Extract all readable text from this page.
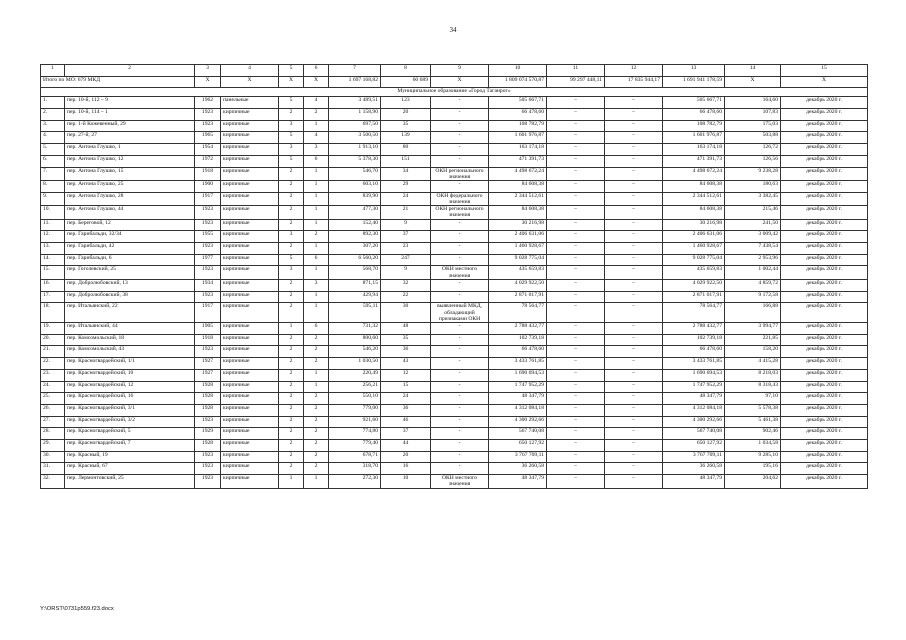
34
1	2	3	4	5	6	7	8	9	10	11	12	13	14	15
Итого по МО: 679 МКД		X	X	X	X	1 697 168,82	60 689	X	1 809 074 570,87	99 297 448,11	17 835 944,17	1 691 941 178,59	X	X
Муниципальное образование «Город Таганрог»														
1.	пер. 10-й, 112 – 9	1962	панельные	5	4	3 489,51	123	-	505 667,71	–	–	505 667,71	164,60	декабрь 2020 г.
2.	пер. 10-й, 114 – 1	1923	кирпичные	2	2	1 158,90	20	-	66 478,60	–	–	66 478,60	107,83	декабрь 2020 г.
3.	пер. 1-й Кожевенный, 29	1923	кирпичные	3	1	697,50	35	-	108 782,79	–	–	108 782,79	175,03	декабрь 2020 г.
4.	пер. 27-й, 27	1965	кирпичные	5	4	3 500,50	139	-	1 601 976,87	–	–	1 601 976,87	503,88	декабрь 2020 г.
5.	пер. Антона Глушко, 1	1954	кирпичные	3	3	1 913,10	80	-	163 174,18	–	–	163 174,18	126,72	декабрь 2020 г.
6.	пер. Антона Глушко, 12	1972	кирпичные	5	6	5 378,30	151	-	471 391,73	–	–	471 391,73	126,56	декабрь 2020 г.
7.	пер. Антона Глушко, 15	1918	кирпичные	2	1	546,70	34	ОКН регионального значения	4 498 672,24	–	–	4 498 672,24	9 238,28	декабрь 2020 г.
8.	пер. Антона Глушко, 25	1900	кирпичные	2	1	603,10	29	-	84 608,38	–	–	84 608,38	180,63	декабрь 2020 г.
9.	пер. Антона Глушко, 28	1917	кирпичные	2	1	839,90	24	ОКН федерального значения	2 344 512,61	–	–	2 344 512,61	3 382,45	декабрь 2020 г.
10.	пер. Антона Глушко, 44	1923	кирпичные	2	1	477,30	21	ОКН регионального значения	84 608,38	–	–	84 608,38	215,46	декабрь 2020 г.
11.	пер. Береговой, 12	1923	кирпичные	2	1	152,40	9	-	30 216,98	–	–	30 216,98	241,50	декабрь 2020 г.
12.	пер. Гарибальди, 32/34	1955	кирпичные	3	2	892,30	37	-	2 406 631,06	–	–	2 406 631,06	3 009,42	декабрь 2020 г.
13.	пер. Гарибальди, 42	1923	кирпичные	2	1	307,20	23	-	1 460 928,67	–	–	1 460 928,67	7 438,54	декабрь 2020 г.
14.	пер. Гарибальди, 6	1977	кирпичные	5	6	6 560,20	247	-	9 028 775,04	–	–	9 028 775,04	2 953,96	декабрь 2020 г.
15.	пер. Гоголевский, 25	1923	кирпичные	3	1	568,70	9	ОКН местного значения	435 659,83	–	–	435 659,83	1 002,44	декабрь 2020 г.
16.	пер. Добролюбовский, 13	1934	кирпичные	2	3	871,15	32	-	4 029 922,50	–	–	4 029 922,50	4 859,72	декабрь 2020 г.
17.	пер. Добролюбовский, 38	1923	кирпичные	2	1	429,94	22	-	2 871 017,91	–	–	2 871 017,91	9 172,58	декабрь 2020 г.
18.	пер. Итальянский, 22	1917	кирпичные	2	1	595,11	30	выявленный МКД, обладающий признаками ОКН	78 564,77	–	–	78 564,77	166,88	декабрь 2020 г.
19.	пер. Итальянский, 44	1905	кирпичные	1	6	731,32	48	-	2 788 432,77	–	–	2 788 432,77	3 994,77	декабрь 2020 г.
20.	пер. Комсомольский, 18	1918	кирпичные	2	2	800,60	35	-	102 739,18	–	–	102 739,18	221,85	декабрь 2020 г.
21.	пер. Комсомольский, 43	1923	кирпичные	2	2	546,20	36	-	66 478,60	–	–	66 478,60	158,20	декабрь 2020 г.
22.	пер. Красногвардейский, 1/1	1927	кирпичные	2	2	1 030,50	43	-	3 433 761,85	–	–	3 433 761,85	4 415,28	декабрь 2020 г.
23.	пер. Красногвардейский, 10	1927	кирпичные	2	1	220,49	12	-	1 690 694,53	–	–	1 690 694,53	8 218,03	декабрь 2020 г.
24.	пер. Красногвардейский, 12	1928	кирпичные	2	1	256,21	15	-	1 747 952,29	–	–	1 747 952,29	8 318,43	декабрь 2020 г.
25.	пер. Красногвардейский, 16	1928	кирпичные	2	2	550,10	24	-	48 347,79	–	–	48 347,79	97,10	декабрь 2020 г.
26.	пер. Красногвардейский, 3/1	1928	кирпичные	2	2	779,00	36	-	4 312 084,18	–	–	4 312 084,18	5 578,38	декабрь 2020 г.
27.	пер. Красногвардейский, 3/2	1923	кирпичные	2	2	921,60	46	-	4 300 292,66	–	–	4 300 292,66	5 461,38	декабрь 2020 г.
28.	пер. Красногвардейский, 5	1929	кирпичные	2	2	774,80	37	-	567 740,08	–	–	567 740,08	902,46	декабрь 2020 г.
29.	пер. Красногвардейский, 7	1928	кирпичные	2	2	779,40	44	-	650 127,92	–	–	650 127,92	1 034,58	декабрь 2020 г.
30.	пер. Красный, 19	1923	кирпичные	2	2	678,71	20	-	3 767 709,11	–	–	3 767 709,11	9 285,10	декабрь 2020 г.
31.	пер. Красный, 67	1923	кирпичные	2	2	318,70	16	-	36 260,58	–	–	36 260,58	195,16	декабрь 2020 г.
32.	пер. Лермонтовский, 25	1923	кирпичные	1	1	272,30	10	ОКН местного значения	48 347,79	–	–	48 347,79	204,62	декабрь 2020 г.
Y:\ORST\0731p559.f23.docx
